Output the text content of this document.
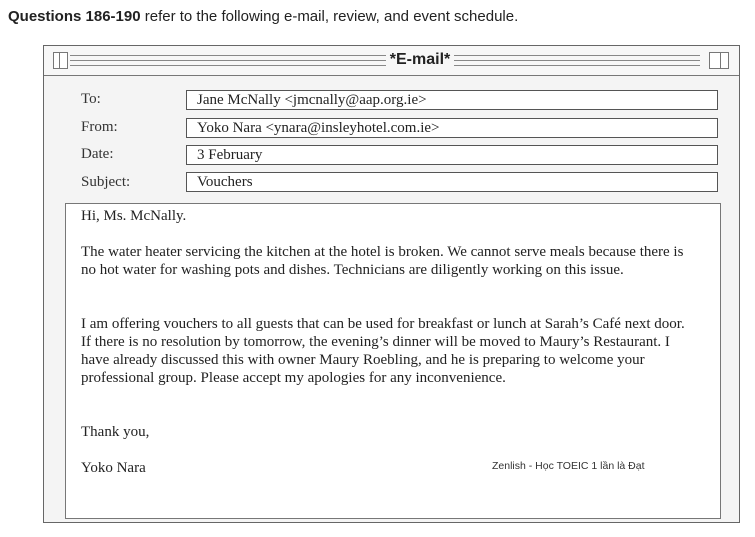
Questions 186-190 refer to the following e-mail, review, and event schedule.
*E-mail*
To:	Jane McNally <jmcnally@aap.org.ie>
From:	Yoko Nara <ynara@insleyhotel.com.ie>
Date:	3 February
Subject:	Vouchers

Hi, Ms. McNally.

The water heater servicing the kitchen at the hotel is broken. We cannot serve meals because there is no hot water for washing pots and dishes. Technicians are diligently working on this issue.

I am offering vouchers to all guests that can be used for breakfast or lunch at Sarah’s Café next door. If there is no resolution by tomorrow, the evening’s dinner will be moved to Maury’s Restaurant. I have already discussed this with owner Maury Roebling, and he is preparing to welcome your professional group. Please accept my apologies for any inconvenience.

Thank you,

Yoko Nara	Zenlish - Học TOEIC 1 lần là Đạt
